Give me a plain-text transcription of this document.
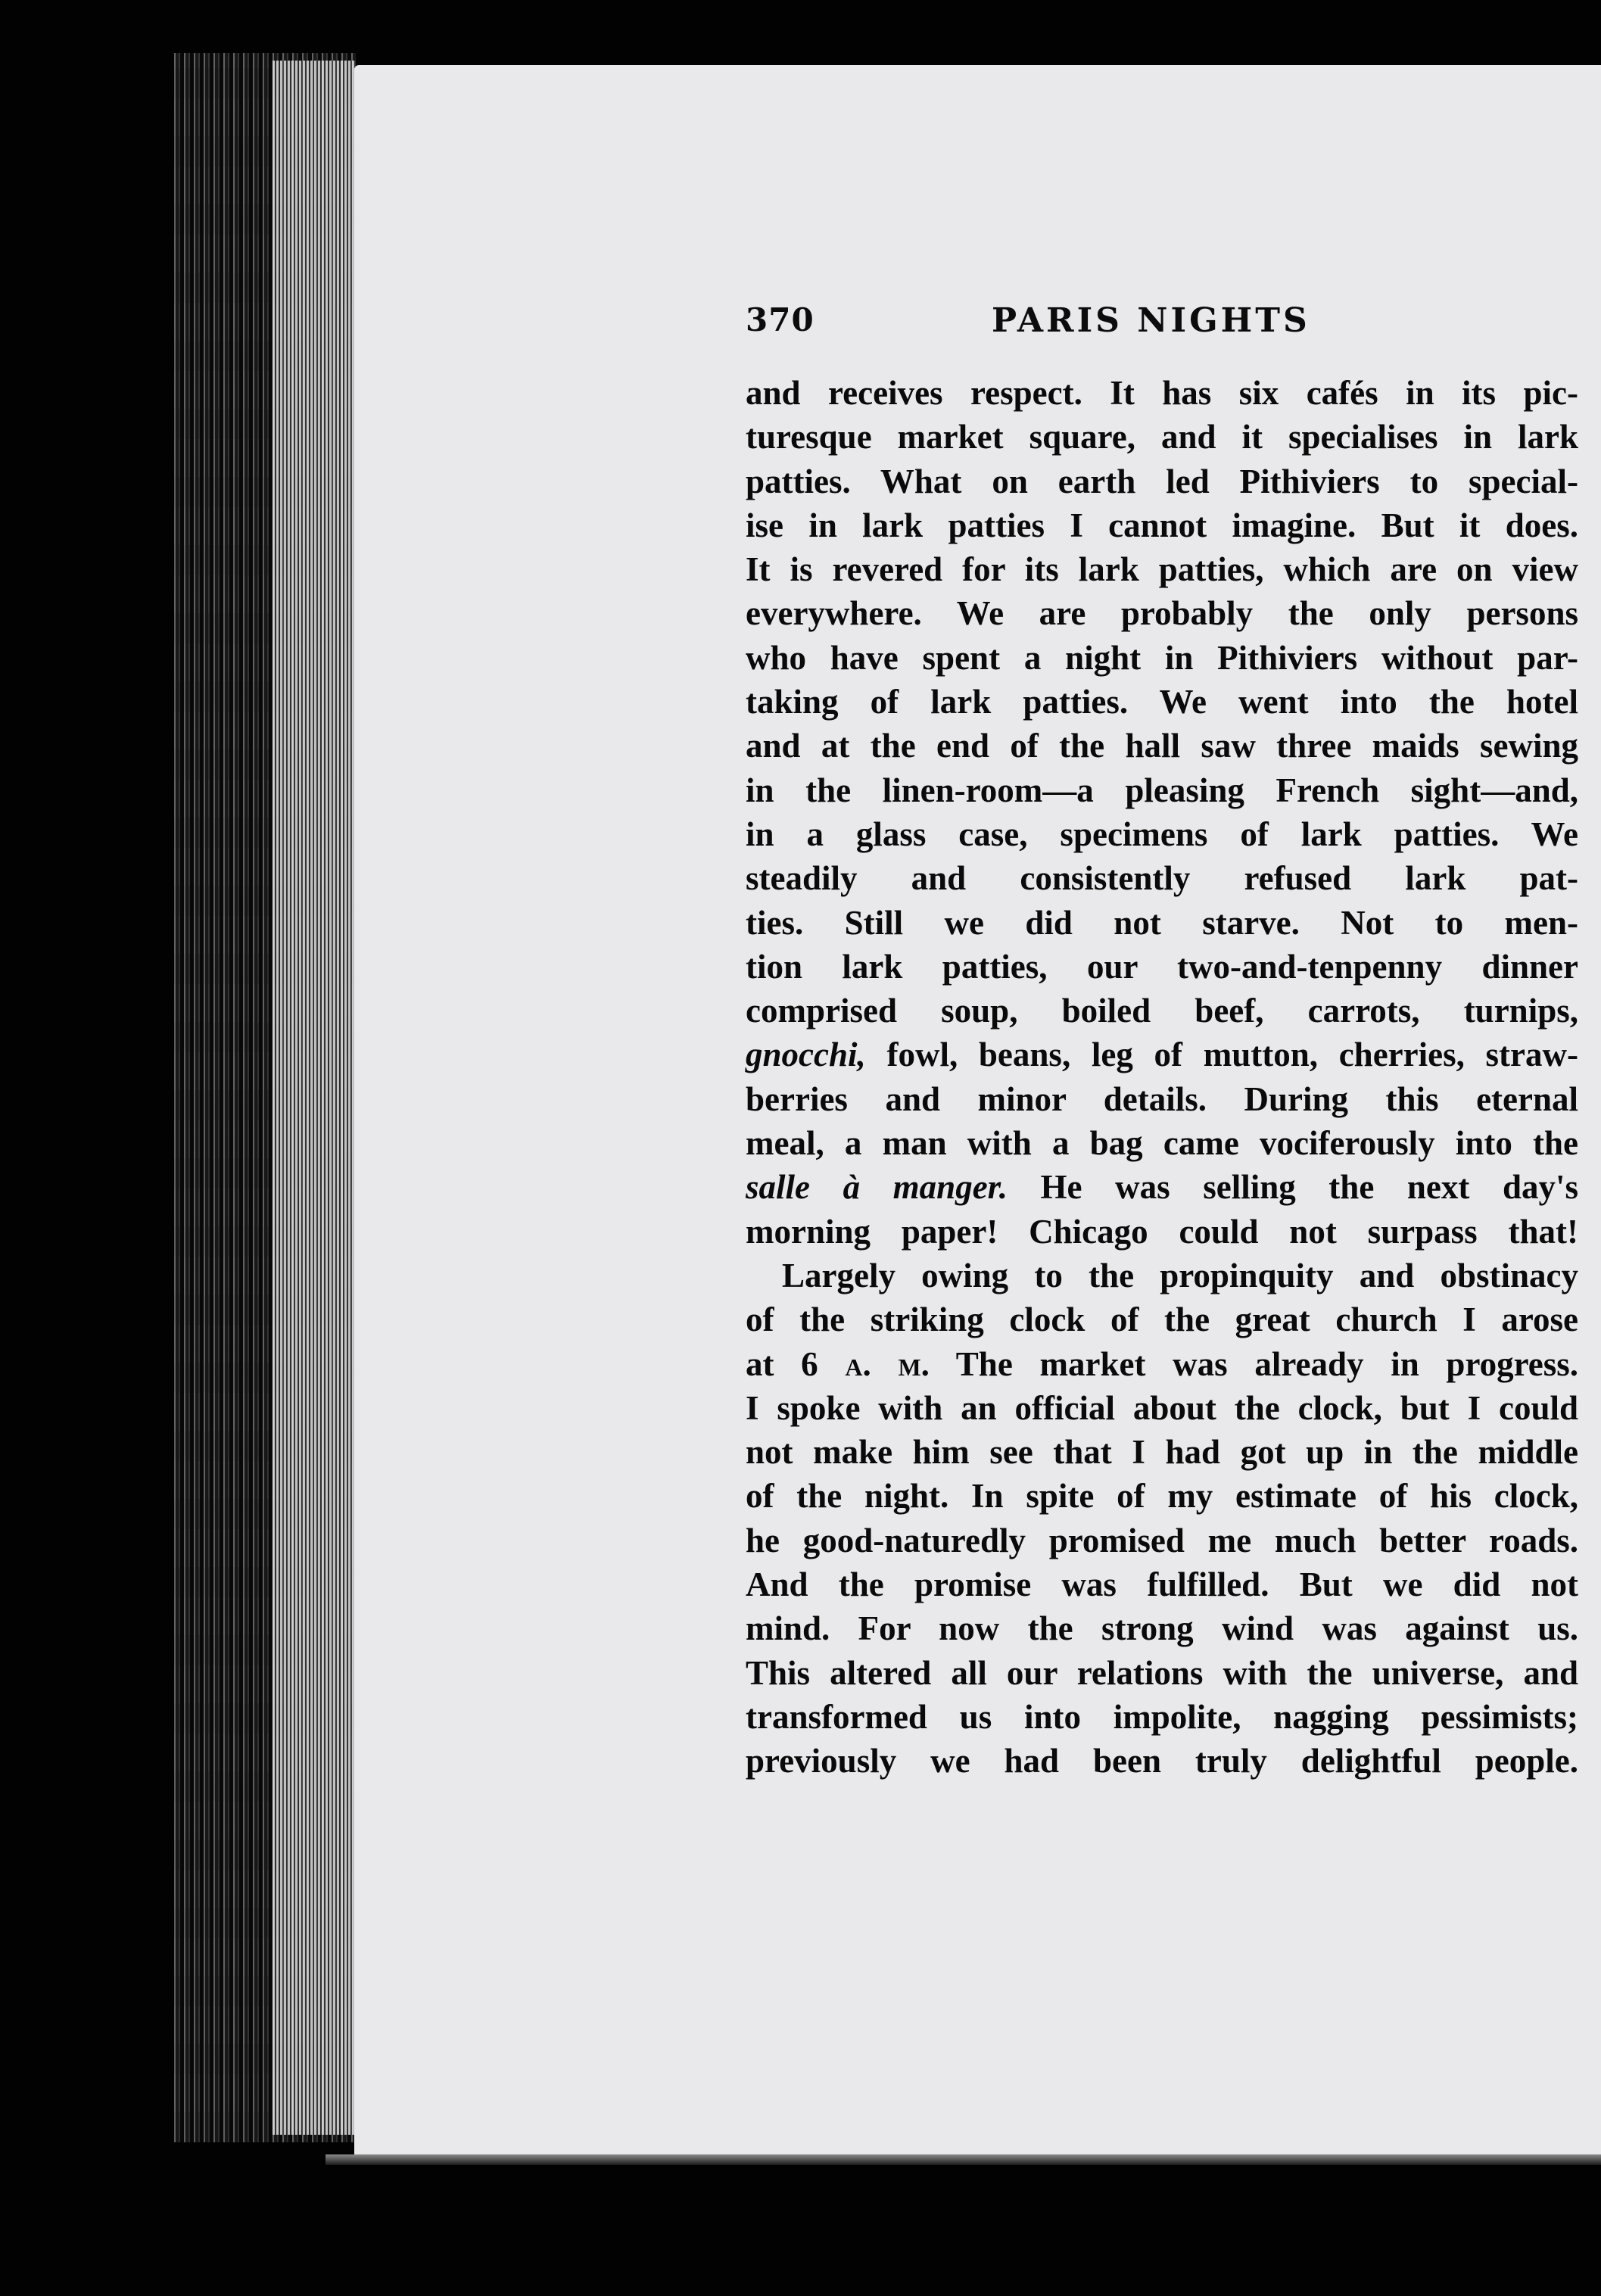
370	PARIS NIGHTS
and receives respect. It has six cafés in its pic-
turesque market square, and it specialises in lark
patties. What on earth led Pithiviers to special-
ise in lark patties I cannot imagine. But it does.
It is revered for its lark patties, which are on view
everywhere. We are probably the only persons
who have spent a night in Pithiviers without par-
taking of lark patties. We went into the hotel
and at the end of the hall saw three maids sewing
in the linen-room—a pleasing French sight—and,
in a glass case, specimens of lark patties. We
steadily and consistently refused lark pat-
ties. Still we did not starve. Not to men-
tion lark patties, our two-and-tenpenny dinner
comprised soup, boiled beef, carrots, turnips,
gnocchi, fowl, beans, leg of mutton, cherries, straw-
berries and minor details. During this eternal
meal, a man with a bag came vociferously into the
salle à manger. He was selling the next day's
morning paper! Chicago could not surpass that!
Largely owing to the propinquity and obstinacy
of the striking clock of the great church I arose
at 6 a. m. The market was already in progress.
I spoke with an official about the clock, but I could
not make him see that I had got up in the middle
of the night. In spite of my estimate of his clock,
he good-naturedly promised me much better roads.
And the promise was fulfilled. But we did not
mind. For now the strong wind was against us.
This altered all our relations with the universe, and
transformed us into impolite, nagging pessimists;
previously we had been truly delightful people.
